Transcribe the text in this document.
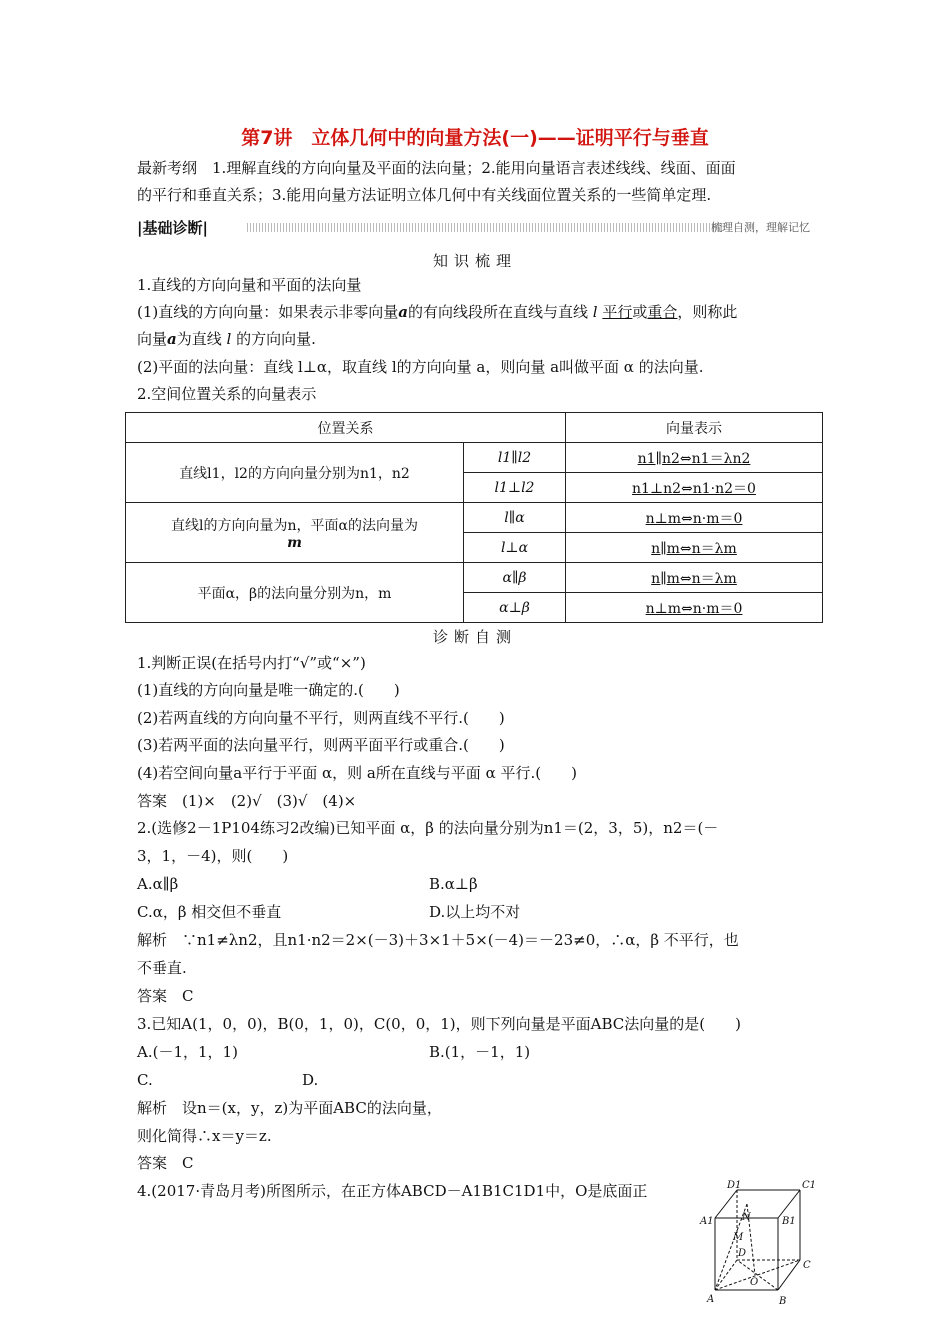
第7讲　立体几何中的向量方法(一)——证明平行与垂直
最新考纲　1.理解直线的方向向量及平面的法向量；2.能用向量语言表述线线、线面、面面
的平行和垂直关系；3.能用向量方法证明立体几何中有关线面位置关系的一些简单定理.
|基础诊断|	梳理自测，理解记忆
知识梳理
1.直线的方向向量和平面的法向量
(1)直线的方向向量：如果表示非零向量a的有向线段所在直线与直线 l 平行或重合，则称此
向量a为直线 l 的方向向量.
(2)平面的法向量：直线 l⊥α，取直线 l的方向向量 a，则向量 a叫做平面 α 的法向量.
2.空间位置关系的向量表示
位置关系		向量表示
直线l1，l2的方向向量分别为n1，n2	l1∥l2	n1∥n2⇔n1＝λn2
	l1⊥l2	n1⊥n2⇔n1·n2＝0
直线l的方向向量为n，平面α的法向量为
m	l∥α	n⊥m⇔n·m＝0
	l⊥α	n∥m⇔n＝λm
平面α，β的法向量分别为n，m	α∥β	n∥m⇔n＝λm
	α⊥β	n⊥m⇔n·m＝0
诊断自测
1.判断正误(在括号内打“√”或“×”)
(1)直线的方向向量是唯一确定的.(　　)
(2)若两直线的方向向量不平行，则两直线不平行.(　　)
(3)若两平面的法向量平行，则两平面平行或重合.(　　)
(4)若空间向量a平行于平面 α，则 a所在直线与平面 α 平行.(　　)
答案　(1)×　(2)√　(3)√　(4)×
2.(选修2－1P104练习2改编)已知平面 α，β 的法向量分别为n1＝(2，3，5)，n2＝(－
3，1，－4)，则(　　)
A.α∥β	B.α⊥β
C.α，β 相交但不垂直	D.以上均不对
解析　∵n1≠λn2，且n1·n2＝2×(－3)＋3×1＋5×(－4)＝－23≠0，∴α，β 不平行，也
不垂直.
答案　C
3.已知A(1，0，0)，B(0，1，0)，C(0，0，1)，则下列向量是平面ABC法向量的是(　　)
A.(－1，1，1)	B.(1，－1，1)
C.	D.
解析　设n＝(x，y，z)为平面ABC的法向量，
则化简得∴x＝y＝z.
答案　C
4.(2017·青岛月考)所图所示，在正方体ABCD－A1B1C1D1中，O是底面正	D1	C1
A1	B1
N
M
D
C
O
A	B
